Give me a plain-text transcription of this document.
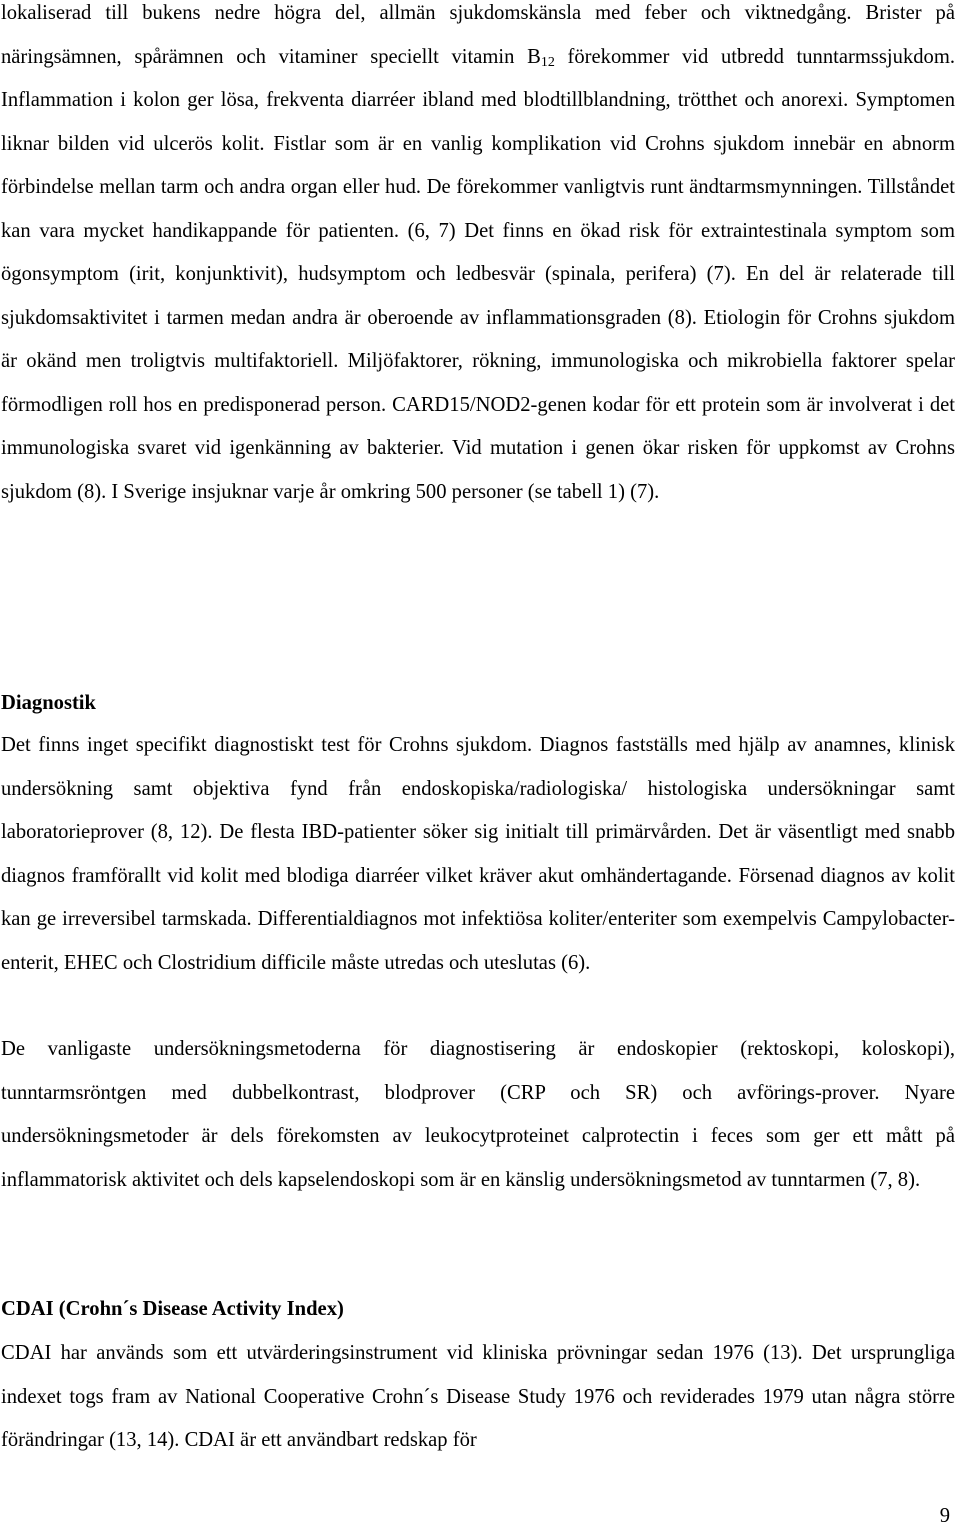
lokaliserad till bukens nedre högra del, allmän sjukdomskänsla med feber och viktnedgång. Brister på näringsämnen, spårämnen och vitaminer speciellt vitamin $B_{12}$ förekommer vid utbredd tunntarmssjukdom. Inflammation i kolon ger lösa, frekventa diarréer ibland med blodtillblandning, trötthet och anorexi. Symptomen liknar bilden vid ulcerös kolit. Fistlar som är en vanlig komplikation vid Crohns sjukdom innebär en abnorm förbindelse mellan tarm och andra organ eller hud. De förekommer vanligtvis runt ändtarmsmynningen. Tillståndet kan vara mycket handikappande för patienten. (6, 7) Det finns en ökad risk för extraintestinala symptom som ögonsymptom (irit, konjunktivit), hudsymptom och ledbesvär (spinala, perifera) (7). En del är relaterade till sjukdomsaktivitet i tarmen medan andra är oberoende av inflammationsgraden (8). Etiologin för Crohns sjukdom är okänd men troligtvis multifaktoriell. Miljöfaktorer, rökning, immunologiska och mikrobiella faktorer spelar förmodligen roll hos en predisponerad person. CARD15/NOD2-genen kodar för ett protein som är involverat i det immunologiska svaret vid igenkänning av bakterier. Vid mutation i genen ökar risken för uppkomst av Crohns sjukdom (8). I Sverige insjuknar varje år omkring 500 personer (se tabell 1) (7).

Diagnostik

Det finns inget specifikt diagnostiskt test för Crohns sjukdom. Diagnos fastställs med hjälp av anamnes, klinisk undersökning samt objektiva fynd från endoskopiska/radiologiska/ histologiska undersökningar samt laboratorieprover (8, 12). De flesta IBD-patienter söker sig initialt till primärvården. Det är väsentligt med snabb diagnos framförallt vid kolit med blodiga diarréer vilket kräver akut omhändertagande. Försenad diagnos av kolit kan ge irreversibel tarmskada. Differentialdiagnos mot infektiösa koliter/enteriter som exempelvis Campylobacter-enterit, EHEC och Clostridium difficile måste utredas och uteslutas (6).

De vanligaste undersökningsmetoderna för diagnostisering är endoskopier (rektoskopi, koloskopi), tunntarmsröntgen med dubbelkontrast, blodprover (CRP och SR) och avförings-prover. Nyare undersökningsmetoder är dels förekomsten av leukocytproteinet calprotectin i feces som ger ett mått på inflammatorisk aktivitet och dels kapselendoskopi som är en känslig undersökningsmetod av tunntarmen (7, 8).

CDAI (Crohn´s Disease Activity Index)

CDAI har används som ett utvärderingsinstrument vid kliniska prövningar sedan 1976 (13). Det ursprungliga indexet togs fram av National Cooperative Crohn´s Disease Study 1976 och reviderades 1979 utan några större förändringar (13, 14). CDAI är ett användbart redskap för

9
